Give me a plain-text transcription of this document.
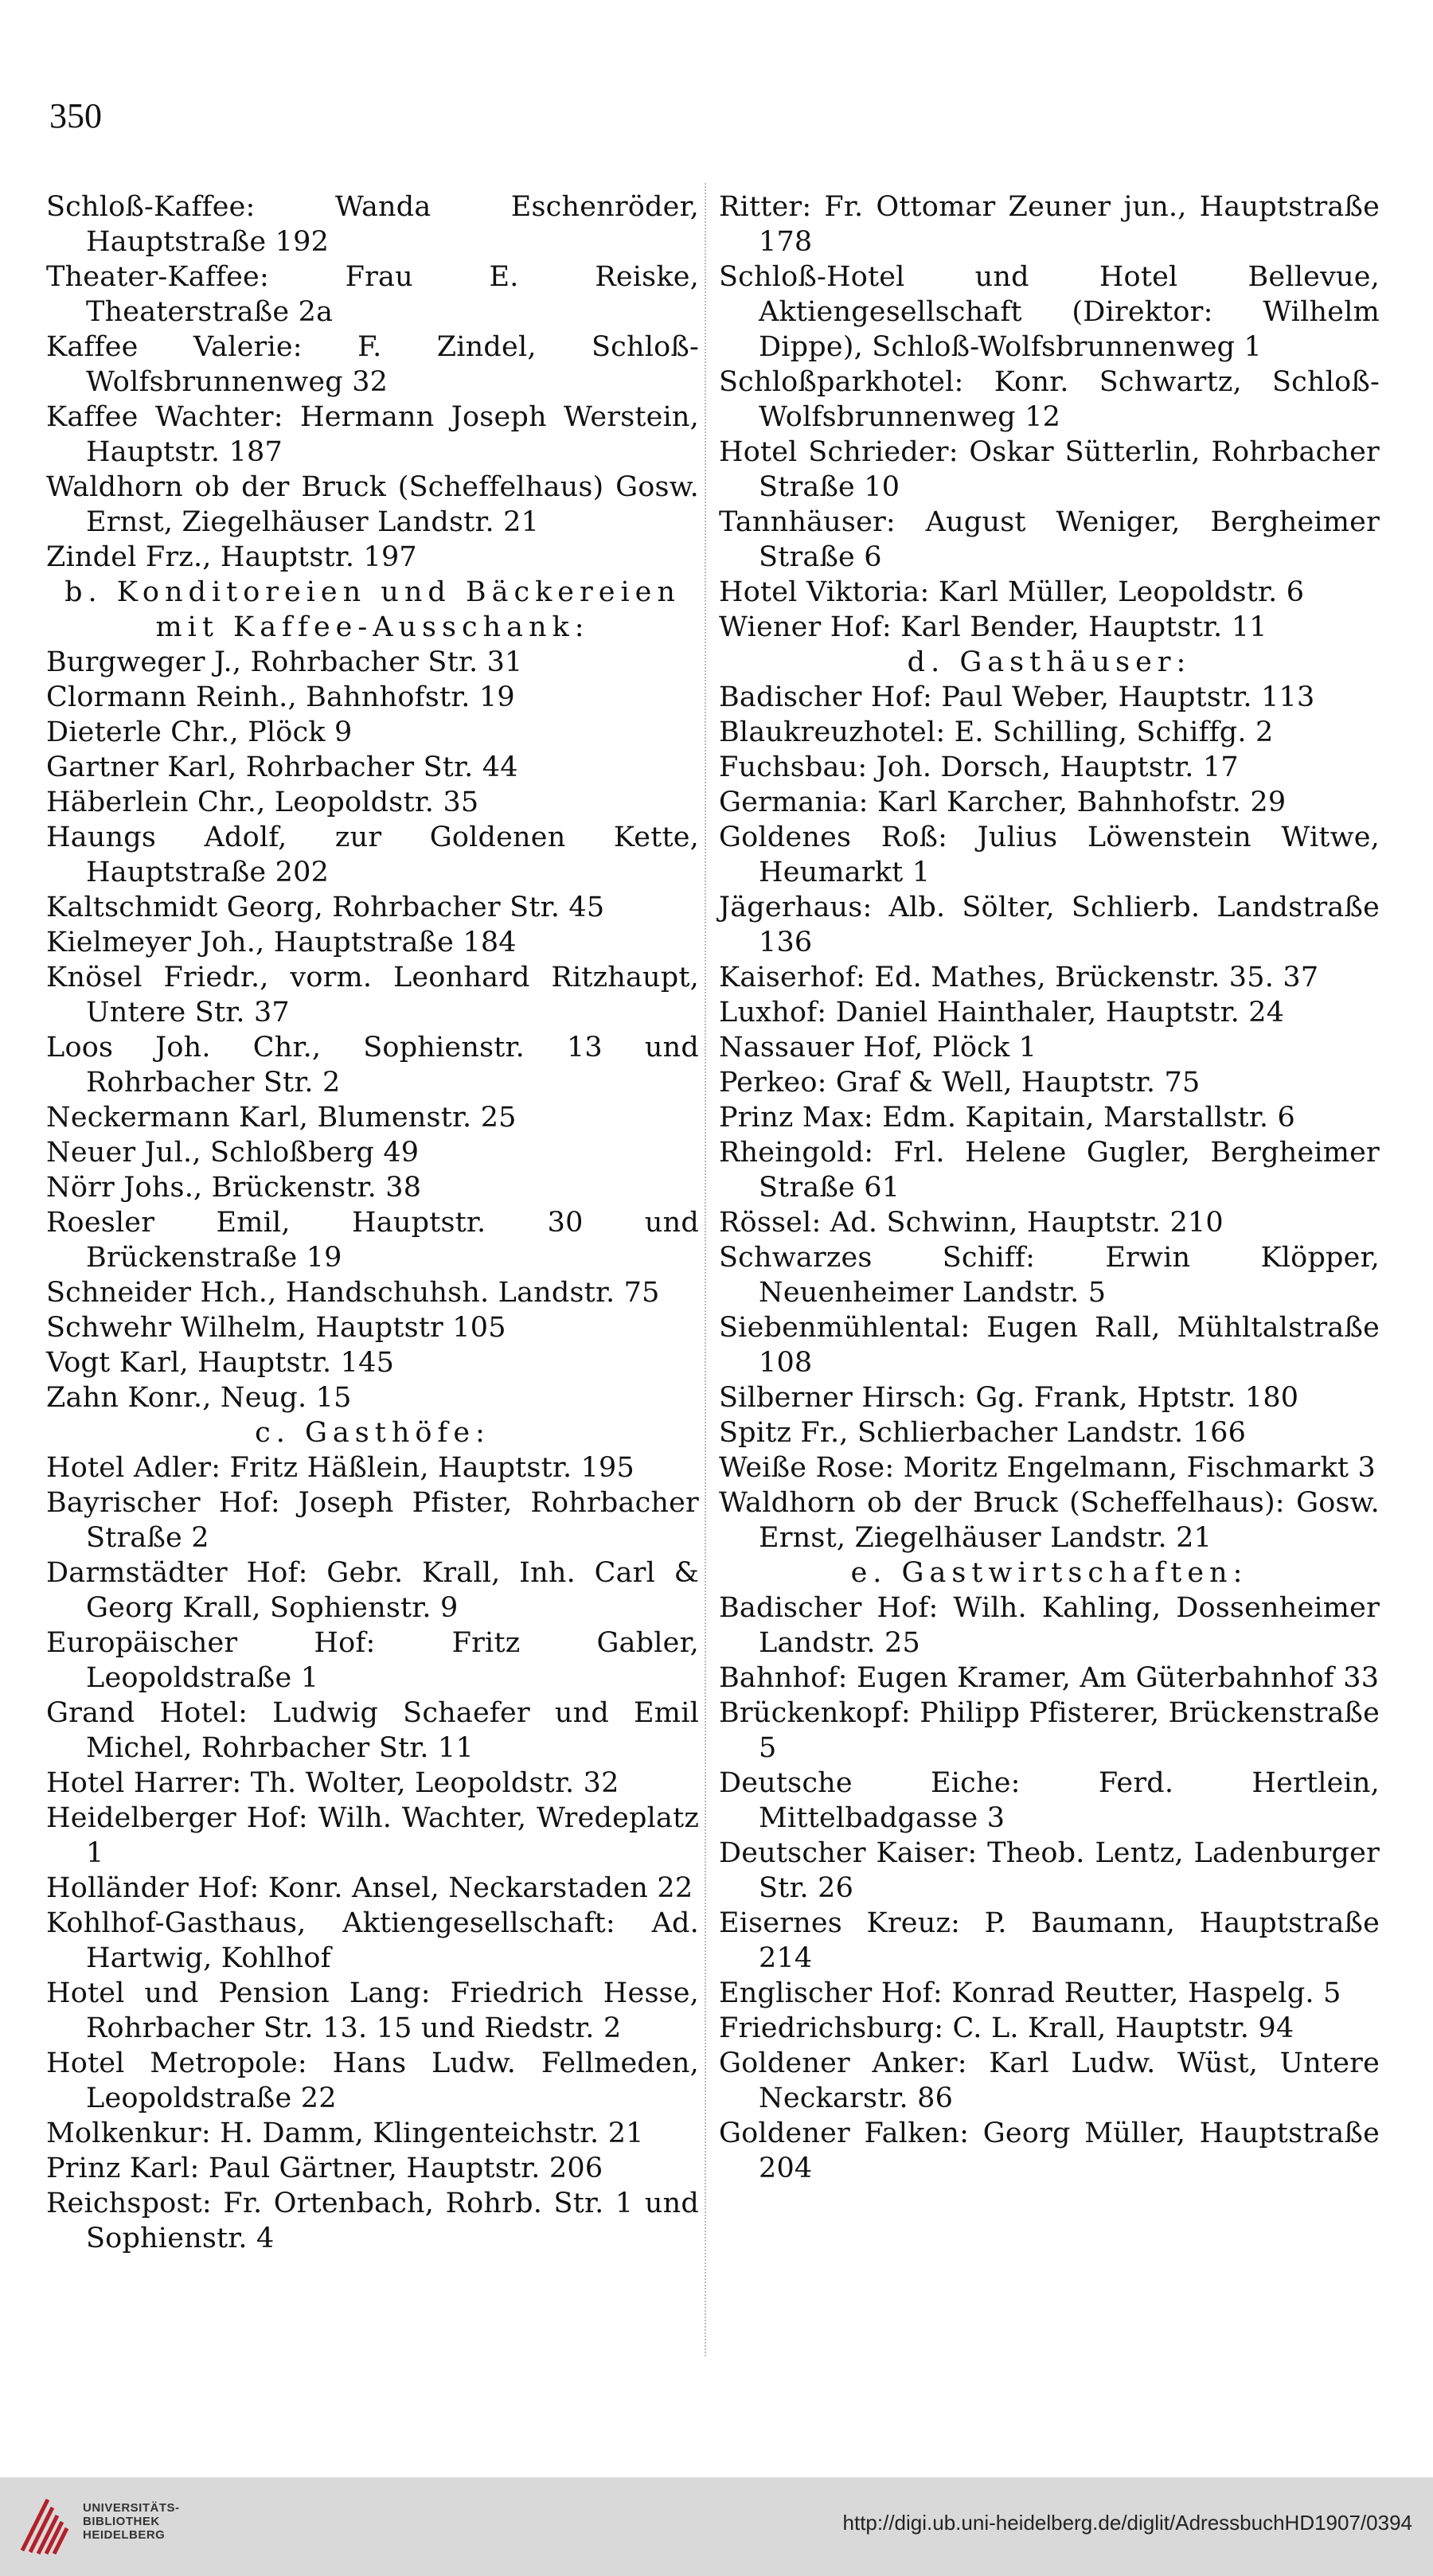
350
Schloß-Kaffee: Wanda Eschenröder, Hauptstraße 192
Theater-Kaffee: Frau E. Reiske, Theaterstraße 2a
Kaffee Valerie: F. Zindel, Schloß-Wolfsbrunnenweg 32
Kaffee Wachter: Hermann Joseph Werstein, Hauptstr. 187
Waldhorn ob der Bruck (Scheffelhaus) Gosw. Ernst, Ziegelhäuser Landstr. 21
Zindel Frz., Hauptstr. 197
b. Konditoreien und Bäckereien mit Kaffee-Ausschank:
Burgweger J., Rohrbacher Str. 31
Clormann Reinh., Bahnhofstr. 19
Dieterle Chr., Plöck 9
Gartner Karl, Rohrbacher Str. 44
Häberlein Chr., Leopoldstr. 35
Haungs Adolf, zur Goldenen Kette, Hauptstraße 202
Kaltschmidt Georg, Rohrbacher Str. 45
Kielmeyer Joh., Hauptstraße 184
Knösel Friedr., vorm. Leonhard Ritzhaupt, Untere Str. 37
Loos Joh. Chr., Sophienstr. 13 und Rohrbacher Str. 2
Neckermann Karl, Blumenstr. 25
Neuer Jul., Schloßberg 49
Nörr Johs., Brückenstr. 38
Roesler Emil, Hauptstr. 30 und Brückenstraße 19
Schneider Hch., Handschuhsh. Landstr. 75
Schwehr Wilhelm, Hauptstr 105
Vogt Karl, Hauptstr. 145
Zahn Konr., Neug. 15
c. Gasthöfe:
Hotel Adler: Fritz Häßlein, Hauptstr. 195
Bayrischer Hof: Joseph Pfister, Rohrbacher Straße 2
Darmstädter Hof: Gebr. Krall, Inh. Carl & Georg Krall, Sophienstr. 9
Europäischer Hof: Fritz Gabler, Leopoldstraße 1
Grand Hotel: Ludwig Schaefer und Emil Michel, Rohrbacher Str. 11
Hotel Harrer: Th. Wolter, Leopoldstr. 32
Heidelberger Hof: Wilh. Wachter, Wredeplatz 1
Holländer Hof: Konr. Ansel, Neckarstaden 22
Kohlhof-Gasthaus, Aktiengesellschaft: Ad. Hartwig, Kohlhof
Hotel und Pension Lang: Friedrich Hesse, Rohrbacher Str. 13. 15 und Riedstr. 2
Hotel Metropole: Hans Ludw. Fellmeden, Leopoldstraße 22
Molkenkur: H. Damm, Klingenteichstr. 21
Prinz Karl: Paul Gärtner, Hauptstr. 206
Reichspost: Fr. Ortenbach, Rohrb. Str. 1 und Sophienstr. 4
Ritter: Fr. Ottomar Zeuner jun., Hauptstraße 178
Schloß-Hotel und Hotel Bellevue, Aktiengesellschaft (Direktor: Wilhelm Dippe), Schloß-Wolfsbrunnenweg 1
Schloßparkhotel: Konr. Schwartz, Schloß-Wolfsbrunnenweg 12
Hotel Schrieder: Oskar Sütterlin, Rohrbacher Straße 10
Tannhäuser: August Weniger, Bergheimer Straße 6
Hotel Viktoria: Karl Müller, Leopoldstr. 6
Wiener Hof: Karl Bender, Hauptstr. 11
d. Gasthäuser:
Badischer Hof: Paul Weber, Hauptstr. 113
Blaukreuzhotel: E. Schilling, Schiffg. 2
Fuchsbau: Joh. Dorsch, Hauptstr. 17
Germania: Karl Karcher, Bahnhofstr. 29
Goldenes Roß: Julius Löwenstein Witwe, Heumarkt 1
Jägerhaus: Alb. Sölter, Schlierb. Landstraße 136
Kaiserhof: Ed. Mathes, Brückenstr. 35. 37
Luxhof: Daniel Hainthaler, Hauptstr. 24
Nassauer Hof, Plöck 1
Perkeo: Graf & Well, Hauptstr. 75
Prinz Max: Edm. Kapitain, Marstallstr. 6
Rheingold: Frl. Helene Gugler, Bergheimer Straße 61
Rössel: Ad. Schwinn, Hauptstr. 210
Schwarzes Schiff: Erwin Klöpper, Neuenheimer Landstr. 5
Siebenmühlental: Eugen Rall, Mühltalstraße 108
Silberner Hirsch: Gg. Frank, Hptstr. 180
Spitz Fr., Schlierbacher Landstr. 166
Weiße Rose: Moritz Engelmann, Fischmarkt 3
Waldhorn ob der Bruck (Scheffelhaus): Gosw. Ernst, Ziegelhäuser Landstr. 21
e. Gastwirtschaften:
Badischer Hof: Wilh. Kahling, Dossenheimer Landstr. 25
Bahnhof: Eugen Kramer, Am Güterbahnhof 33
Brückenkopf: Philipp Pfisterer, Brückenstraße 5
Deutsche Eiche: Ferd. Hertlein, Mittelbadgasse 3
Deutscher Kaiser: Theob. Lentz, Ladenburger Str. 26
Eisernes Kreuz: P. Baumann, Hauptstraße 214
Englischer Hof: Konrad Reutter, Haspelg. 5
Friedrichsburg: C. L. Krall, Hauptstr. 94
Goldener Anker: Karl Ludw. Wüst, Untere Neckarstr. 86
Goldener Falken: Georg Müller, Hauptstraße 204
UNIVERSITÄTS-
BIBLIOTHEK
HEIDELBERG
http://digi.ub.uni-heidelberg.de/diglit/AdressbuchHD1907/0394
